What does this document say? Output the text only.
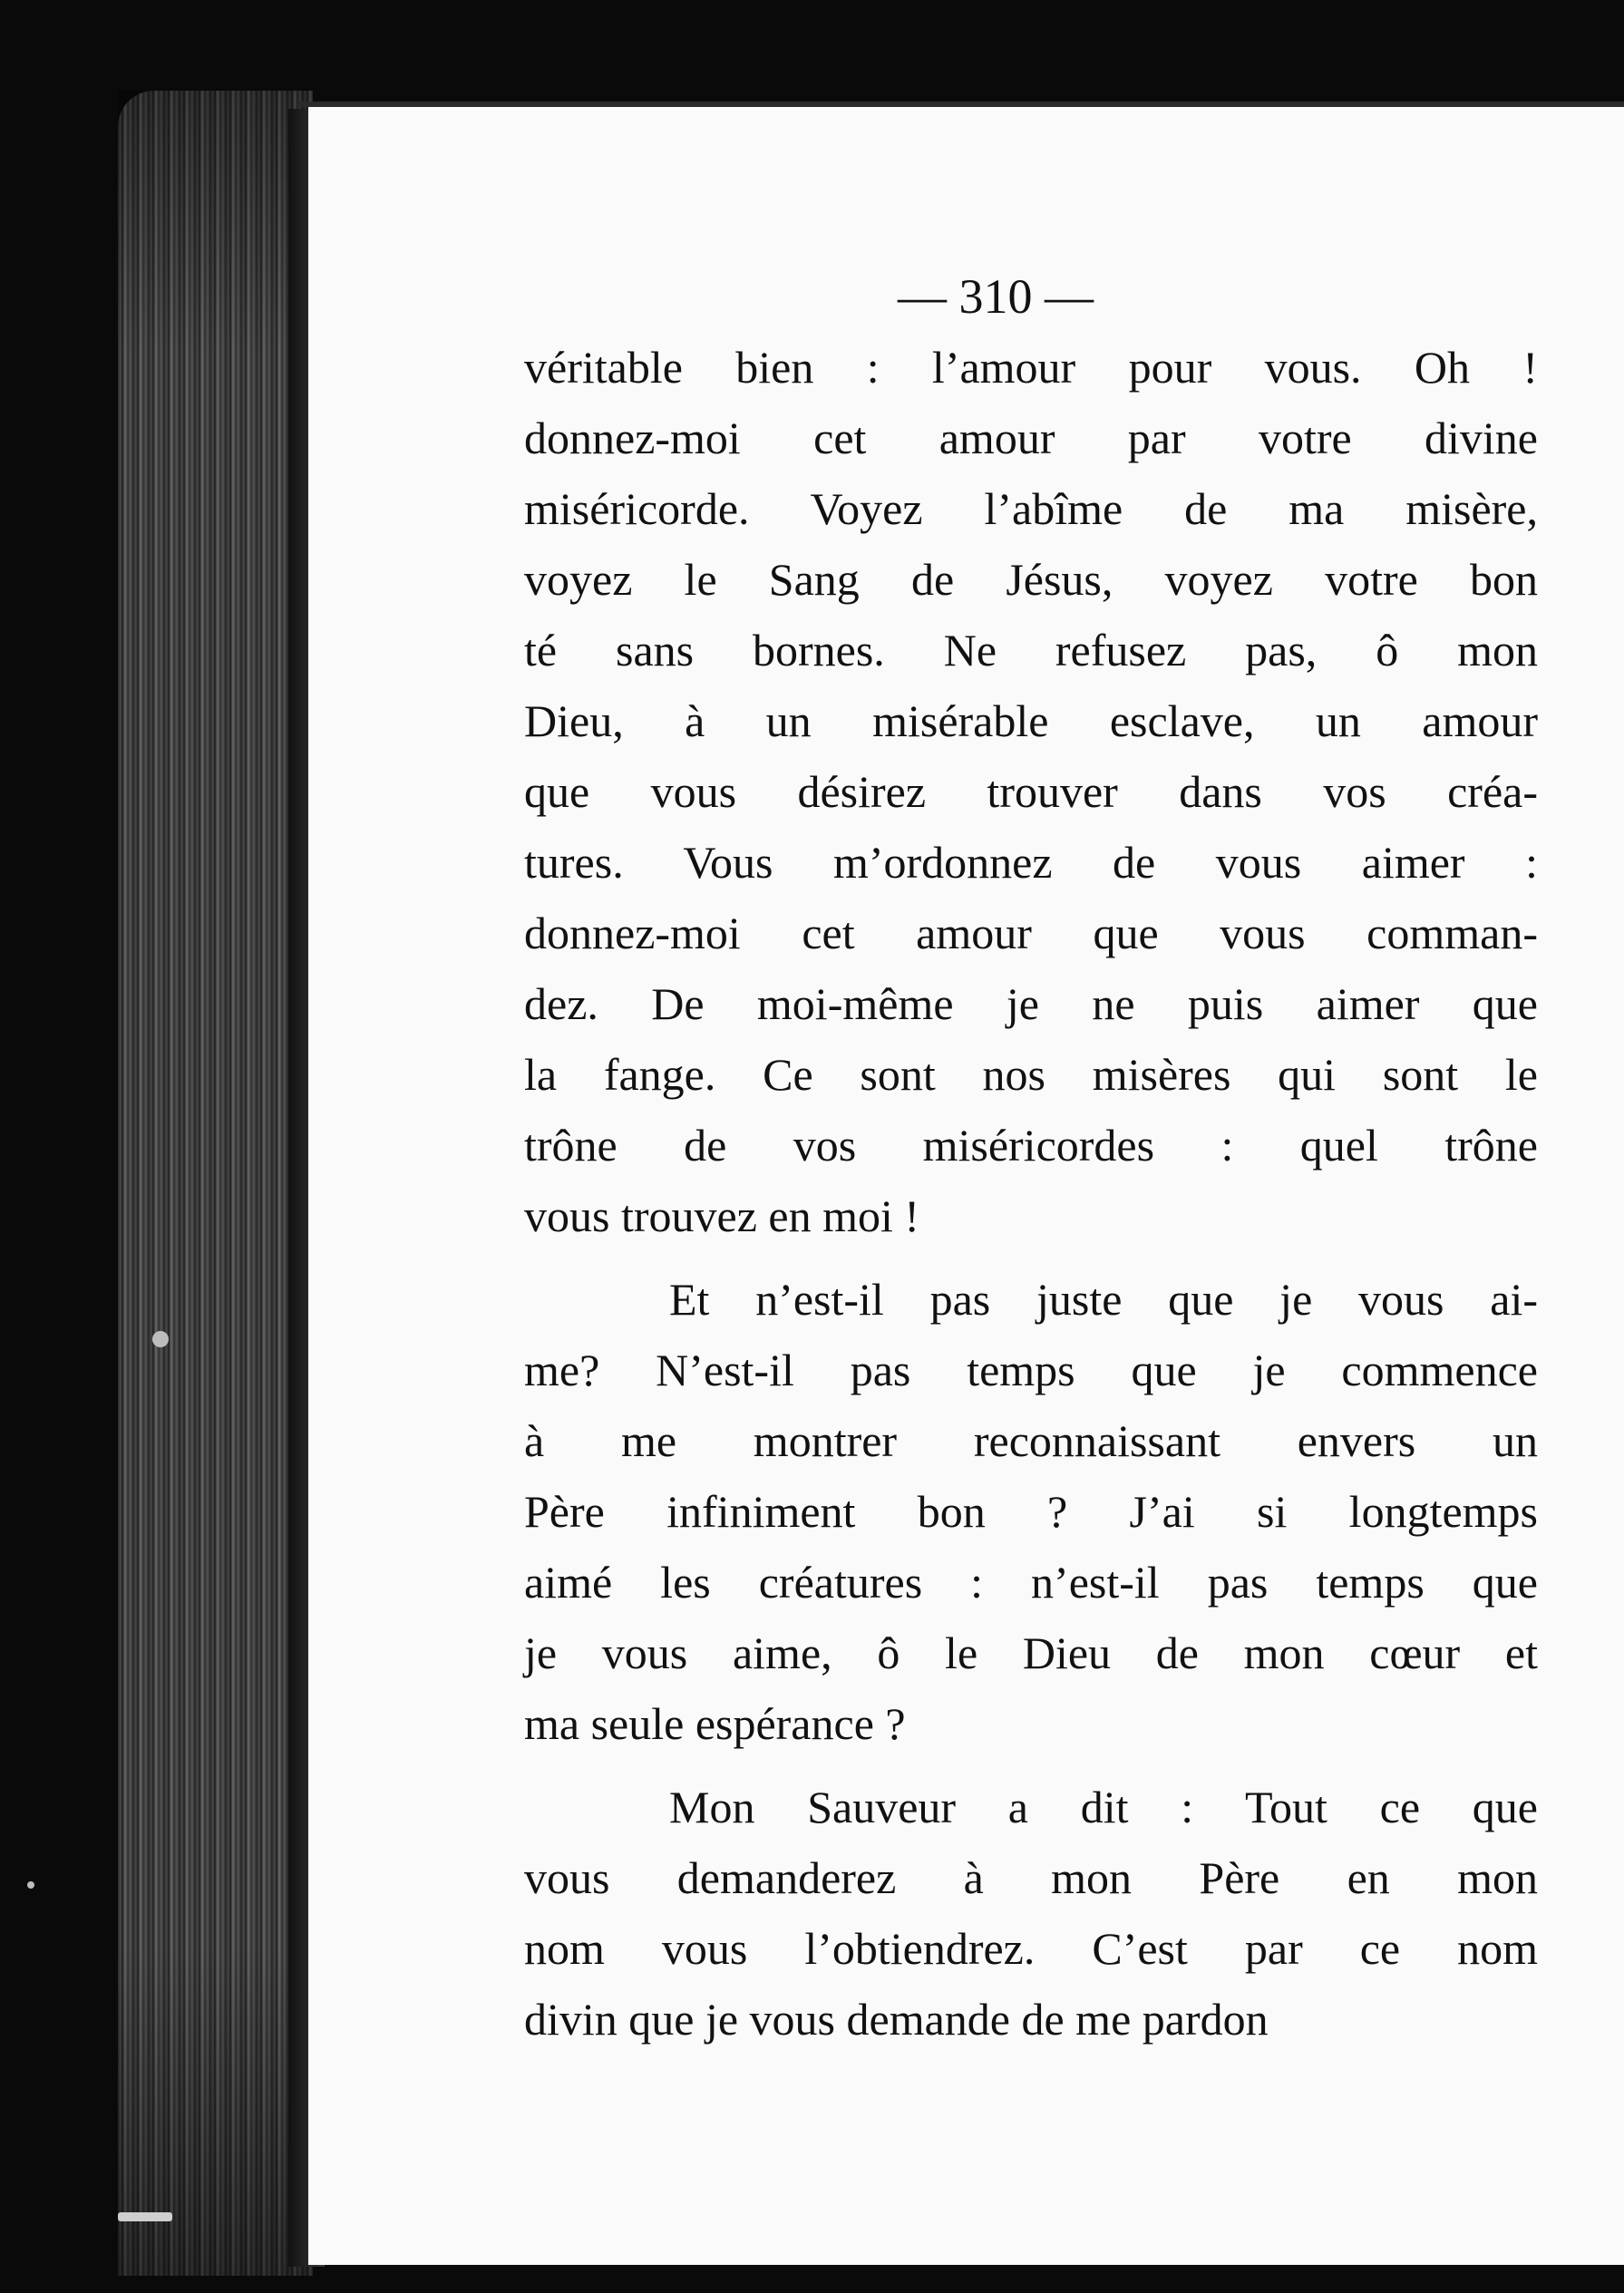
— 310 —
véritable bien : l’amour pour vous. Oh !
donnez-moi cet amour par votre divine
miséricorde. Voyez l’abîme de ma misère,
voyez le Sang de Jésus, voyez votre bon
té sans bornes. Ne refusez pas, ô mon
Dieu, à un misérable esclave, un amour
que vous désirez trouver dans vos créa-
tures. Vous m’ordonnez de vous aimer :
donnez-moi cet amour que vous comman-
dez. De moi-même je ne puis aimer que
la fange. Ce sont nos misères qui sont le
trône de vos miséricordes : quel trône
vous trouvez en moi !
Et n’est-il pas juste que je vous ai-
me? N’est-il pas temps que je commence
à me montrer reconnaissant envers un
Père infiniment bon ? J’ai si longtemps
aimé les créatures : n’est-il pas temps que
je vous aime, ô le Dieu de mon cœur et
ma seule espérance ?
Mon Sauveur a dit : Tout ce que
vous demanderez à mon Père en mon
nom vous l’obtiendrez. C’est par ce nom
divin que je vous demande de me pardon
